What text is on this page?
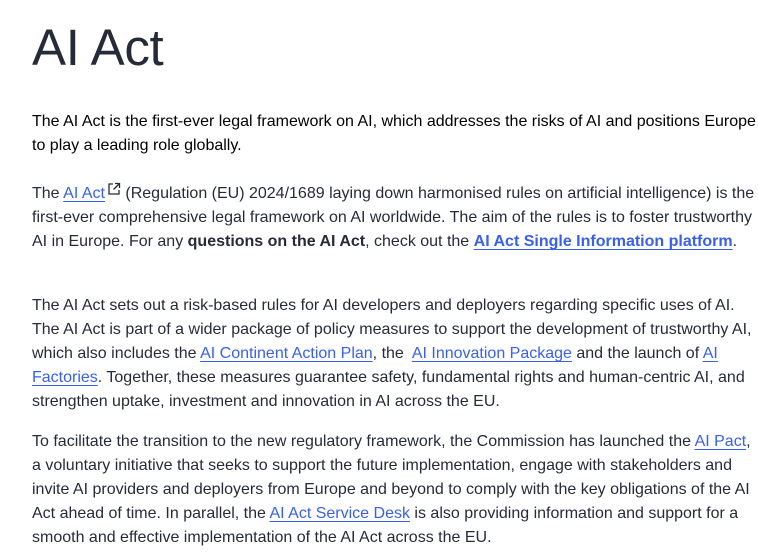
AI Act

The AI Act is the first-ever legal framework on AI, which addresses the risks of AI and positions Europe to play a leading role globally.

The AI Act (Regulation (EU) 2024/1689 laying down harmonised rules on artificial intelligence) is the first-ever comprehensive legal framework on AI worldwide. The aim of the rules is to foster trustworthy AI in Europe. For any questions on the AI Act, check out the AI Act Single Information platform.

The AI Act sets out a risk-based rules for AI developers and deployers regarding specific uses of AI. The AI Act is part of a wider package of policy measures to support the development of trustworthy AI, which also includes the AI Continent Action Plan, the  AI Innovation Package and the launch of AI Factories. Together, these measures guarantee safety, fundamental rights and human-centric AI, and strengthen uptake, investment and innovation in AI across the EU.

To facilitate the transition to the new regulatory framework, the Commission has launched the AI Pact, a voluntary initiative that seeks to support the future implementation, engage with stakeholders and invite AI providers and deployers from Europe and beyond to comply with the key obligations of the AI Act ahead of time. In parallel, the AI Act Service Desk is also providing information and support for a smooth and effective implementation of the AI Act across the EU.
